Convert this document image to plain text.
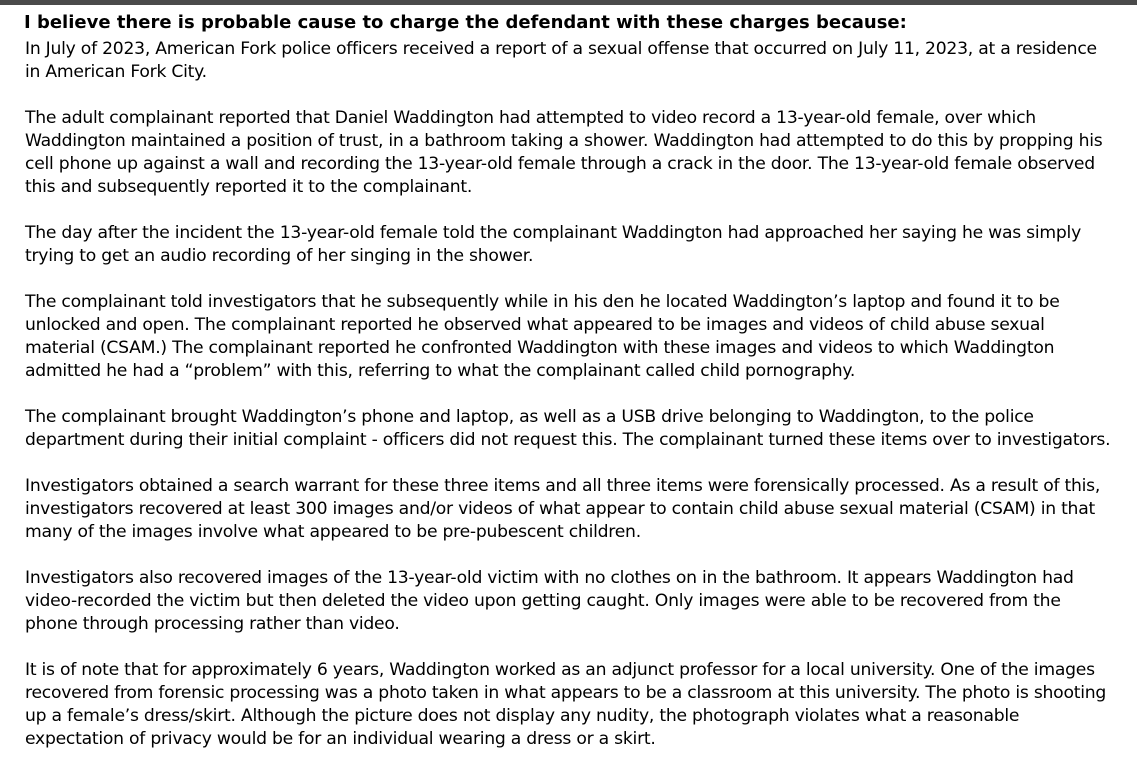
I believe there is probable cause to charge the defendant with these charges because:

In July of 2023, American Fork police officers received a report of a sexual offense that occurred on July 11, 2023, at a residence
in American Fork City.

The adult complainant reported that Daniel Waddington had attempted to video record a 13-year-old female, over which
Waddington maintained a position of trust, in a bathroom taking a shower. Waddington had attempted to do this by propping his
cell phone up against a wall and recording the 13-year-old female through a crack in the door. The 13-year-old female observed
this and subsequently reported it to the complainant.

The day after the incident the 13-year-old female told the complainant Waddington had approached her saying he was simply
trying to get an audio recording of her singing in the shower.

The complainant told investigators that he subsequently while in his den he located Waddington’s laptop and found it to be
unlocked and open. The complainant reported he observed what appeared to be images and videos of child abuse sexual
material (CSAM.) The complainant reported he confronted Waddington with these images and videos to which Waddington
admitted he had a “problem” with this, referring to what the complainant called child pornography.

The complainant brought Waddington’s phone and laptop, as well as a USB drive belonging to Waddington, to the police
department during their initial complaint - officers did not request this. The complainant turned these items over to investigators.

Investigators obtained a search warrant for these three items and all three items were forensically processed. As a result of this,
investigators recovered at least 300 images and/or videos of what appear to contain child abuse sexual material (CSAM) in that
many of the images involve what appeared to be pre-pubescent children.

Investigators also recovered images of the 13-year-old victim with no clothes on in the bathroom. It appears Waddington had
video-recorded the victim but then deleted the video upon getting caught. Only images were able to be recovered from the
phone through processing rather than video.

It is of note that for approximately 6 years, Waddington worked as an adjunct professor for a local university. One of the images
recovered from forensic processing was a photo taken in what appears to be a classroom at this university. The photo is shooting
up a female’s dress/skirt. Although the picture does not display any nudity, the photograph violates what a reasonable
expectation of privacy would be for an individual wearing a dress or a skirt.
